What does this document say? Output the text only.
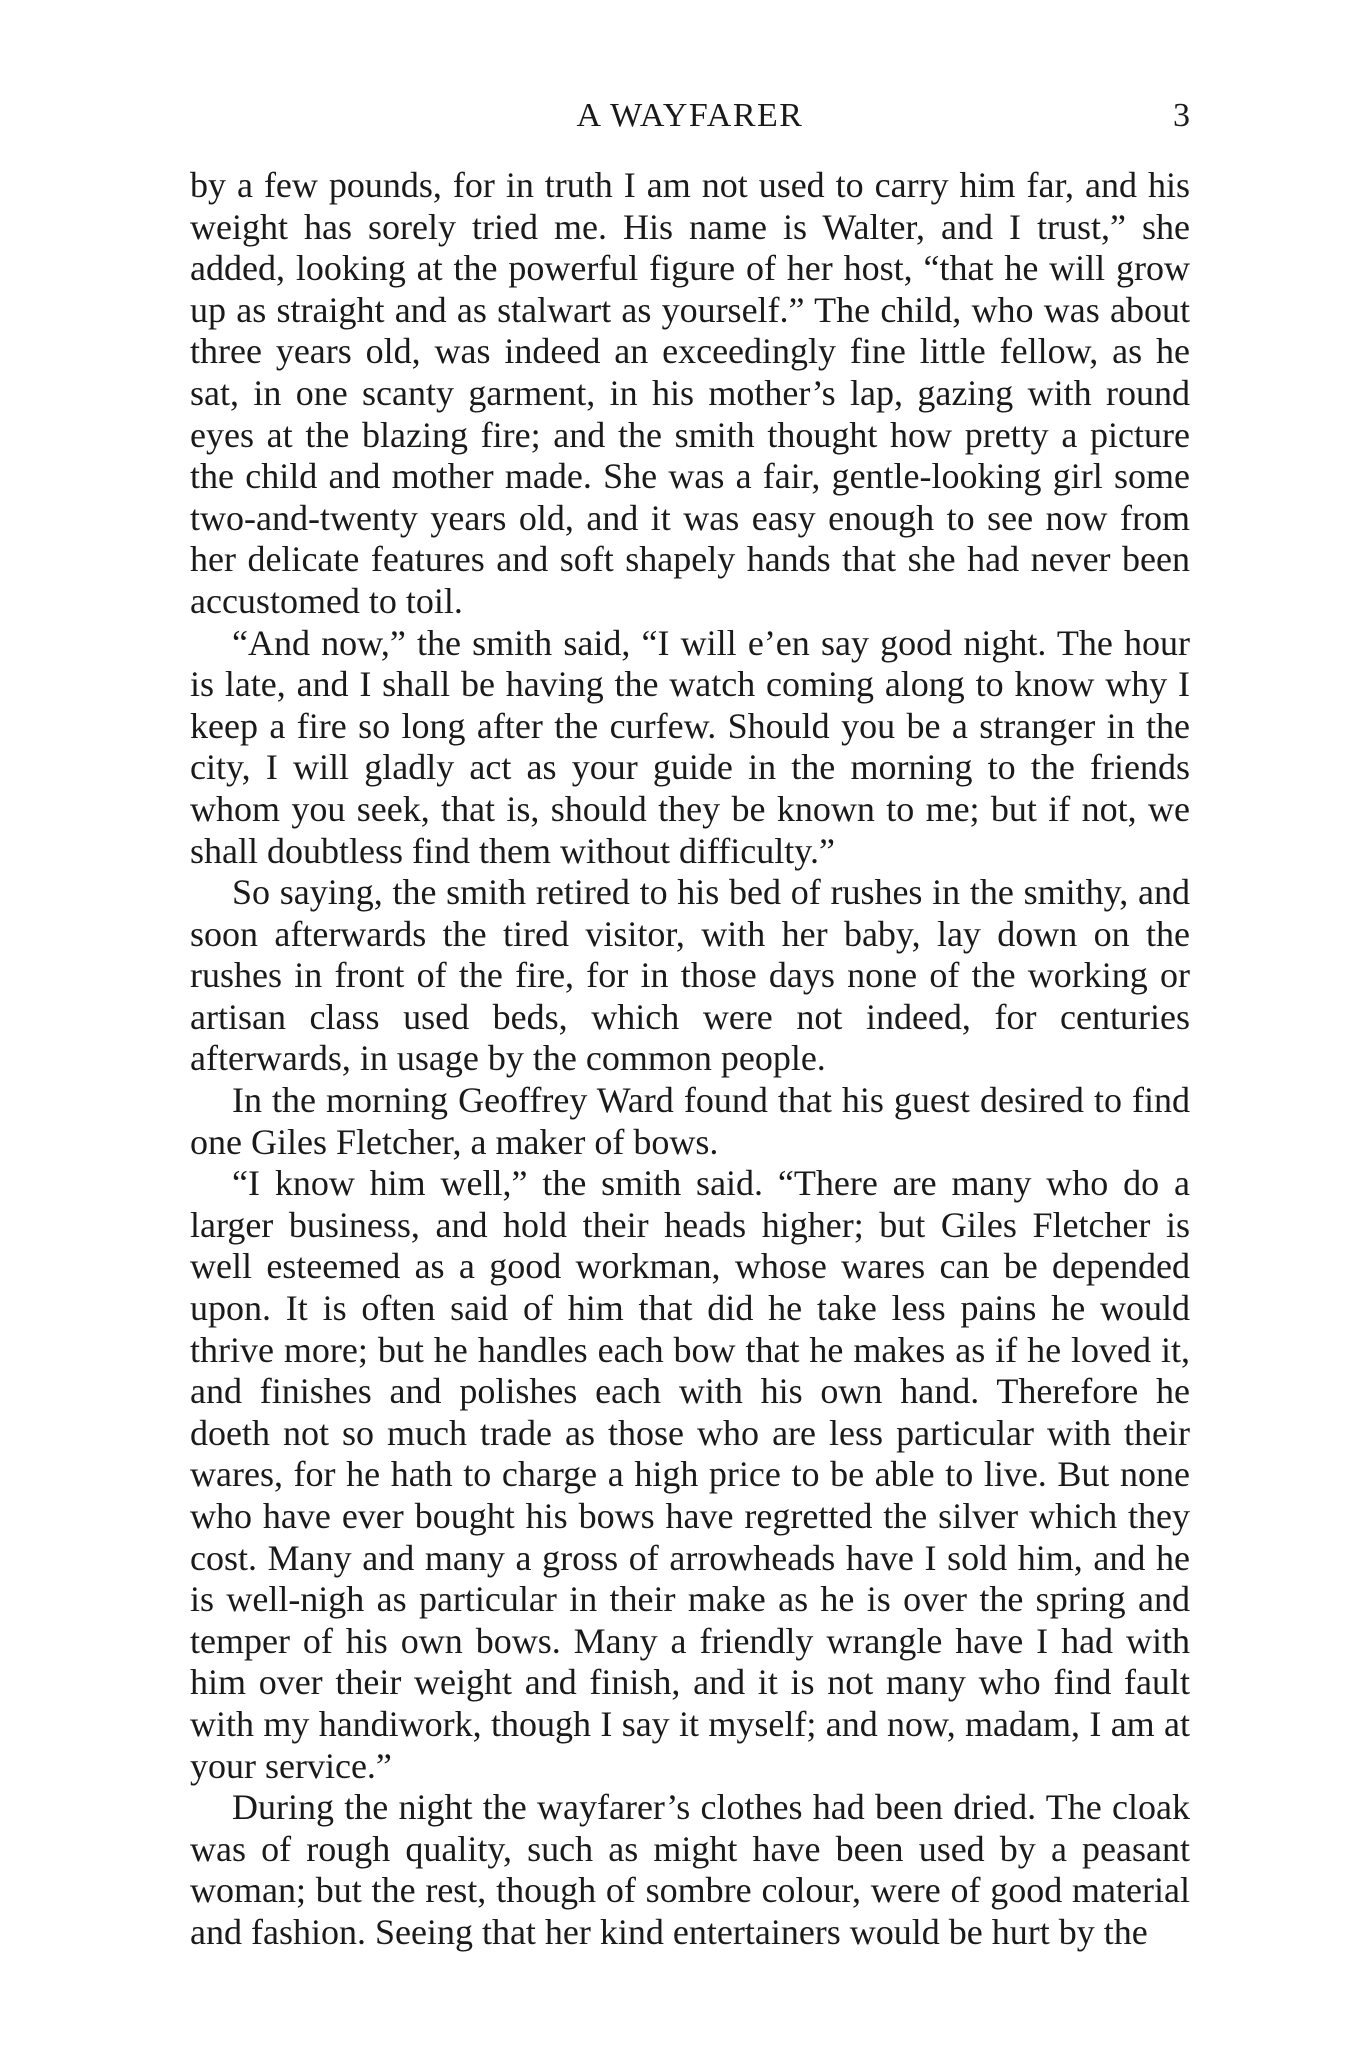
A WAYFARER	3

by a few pounds, for in truth I am not used to carry him far, and his weight has sorely tried me. His name is Walter, and I trust,” she added, looking at the powerful figure of her host, “that he will grow up as straight and as stalwart as yourself.” The child, who was about three years old, was indeed an exceedingly fine little fellow, as he sat, in one scanty garment, in his mother’s lap, gazing with round eyes at the blazing fire; and the smith thought how pretty a picture the child and mother made. She was a fair, gentle-looking girl some two-and-twenty years old, and it was easy enough to see now from her delicate features and soft shapely hands that she had never been accustomed to toil.

“And now,” the smith said, “I will e’en say good night. The hour is late, and I shall be having the watch coming along to know why I keep a fire so long after the curfew. Should you be a stranger in the city, I will gladly act as your guide in the morning to the friends whom you seek, that is, should they be known to me; but if not, we shall doubtless find them without difficulty.”

So saying, the smith retired to his bed of rushes in the smithy, and soon afterwards the tired visitor, with her baby, lay down on the rushes in front of the fire, for in those days none of the working or artisan class used beds, which were not indeed, for centuries afterwards, in usage by the common people.

In the morning Geoffrey Ward found that his guest desired to find one Giles Fletcher, a maker of bows.

“I know him well,” the smith said. “There are many who do a larger business, and hold their heads higher; but Giles Fletcher is well esteemed as a good workman, whose wares can be depended upon. It is often said of him that did he take less pains he would thrive more; but he handles each bow that he makes as if he loved it, and finishes and polishes each with his own hand. Therefore he doeth not so much trade as those who are less particular with their wares, for he hath to charge a high price to be able to live. But none who have ever bought his bows have regretted the silver which they cost. Many and many a gross of arrowheads have I sold him, and he is well-nigh as particular in their make as he is over the spring and temper of his own bows. Many a friendly wrangle have I had with him over their weight and finish, and it is not many who find fault with my handiwork, though I say it myself; and now, madam, I am at your service.”

During the night the wayfarer’s clothes had been dried. The cloak was of rough quality, such as might have been used by a peasant woman; but the rest, though of sombre colour, were of good material and fashion. Seeing that her kind entertainers would be hurt by the
